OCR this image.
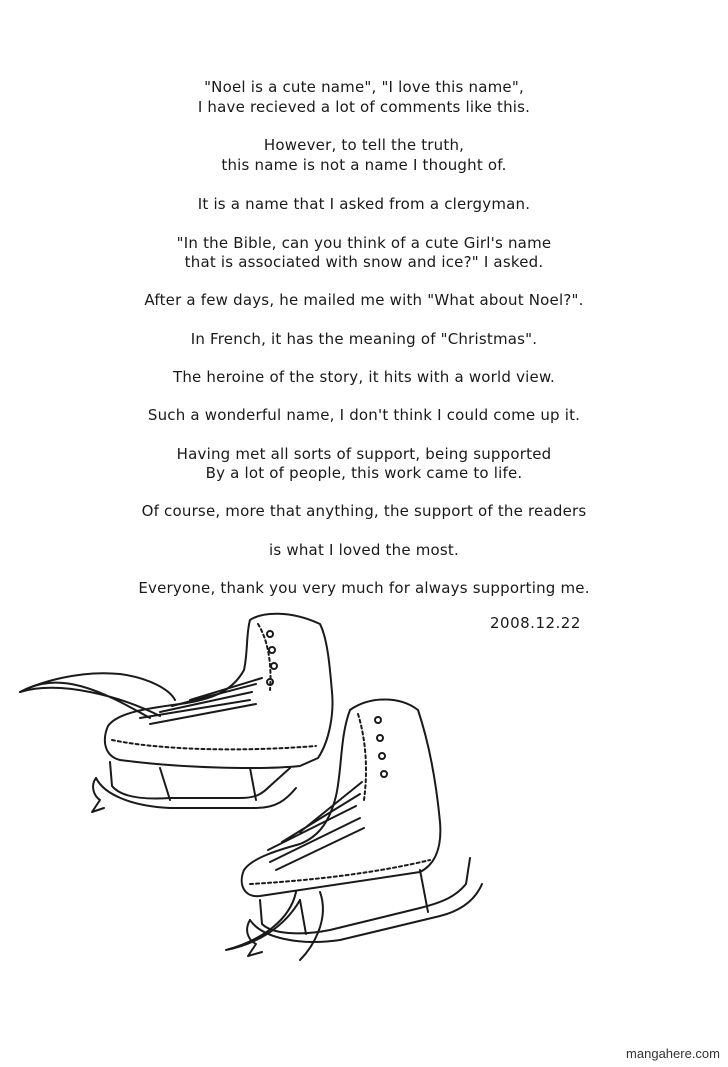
"Noel is a cute name", "I love this name",
I have recieved a lot of comments like this.
However, to tell the truth,
this name is not a name I thought of.
It is a name that I asked from a clergyman.
"In the Bible, can you think of a cute Girl's name
that is associated with snow and ice?" I asked.
After a few days, he mailed me with "What about Noel?".
In French, it has the meaning of "Christmas".
The heroine of the story, it hits with a world view.
Such a wonderful name, I don't think I could come up it.
Having met all sorts of support, being supported
By a lot of people, this work came to life.
Of course, more that anything, the support of the readers
is what I loved the most.
Everyone, thank you very much for always supporting me.
2008.12.22
mangahere.com
